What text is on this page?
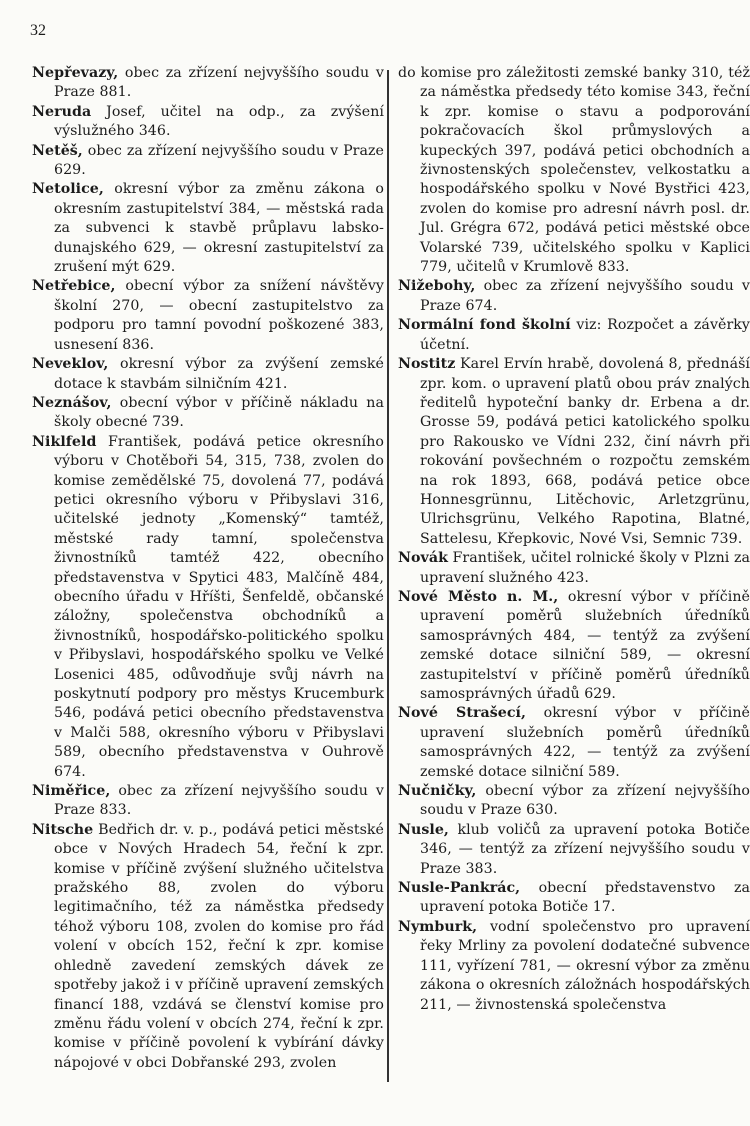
32

Nepřevazy, obec za zřízení nejvyššího soudu v Praze 881.

Neruda Josef, učitel na odp., za zvýšení výslužného 346.

Netěš, obec za zřízení nejvyššího soudu v Praze 629.

Netolice, okresní výbor za změnu zákona o okresním zastupitelství 384, — městská rada za subvenci k stavbě průplavu labsko-dunajského 629, — okresní zastupitelství za zrušení mýt 629.

Netřebice, obecní výbor za snížení návštěvy školní 270, — obecní zastupitelstvo za podporu pro tamní povodní poškozené 383, usnesení 836.

Neveklov, okresní výbor za zvýšení zemské dotace k stavbám silničním 421.

Neznášov, obecní výbor v příčině nákladu na školy obecné 739.

Niklfeld František, podává petice okresního výboru v Chotěboři 54, 315, 738, zvolen do komise zemědělské 75, dovolená 77, podává petici okresního výboru v Přibyslavi 316, učitelské jednoty „Komenský“ tamtéž, městské rady tamní, společenstva živnostníků tamtéž 422, obecního představenstva v Spytici 483, Malčíně 484, obecního úřadu v Hříšti, Šenfeldě, občanské záložny, společenstva obchodníků a živnostníků, hospodářsko-politického spolku v Přibyslavi, hospodářského spolku ve Velké Losenici 485, odůvodňuje svůj návrh na poskytnutí podpory pro městys Krucemburk 546, podává petici obecního představenstva v Malči 588, okresního výboru v Přibyslavi 589, obecního představenstva v Ouhrově 674.

Niměřice, obec za zřízení nejvyššího soudu v Praze 833.

Nitsche Bedřich dr. v. p., podává petici městské obce v Nových Hradech 54, řeční k zpr. komise v příčině zvýšení služného učitelstva pražského 88, zvolen do výboru legitimačního, též za náměstka předsedy téhož výboru 108, zvolen do komise pro řád volení v obcích 152, řeční k zpr. komise ohledně zavedení zemských dávek ze spotřeby jakož i v příčině upravení zemských financí 188, vzdává se členství komise pro změnu řádu volení v obcích 274, řeční k zpr. komise v příčině povolení k vybírání dávky nápojové v obci Dobřanské 293, zvolen

do komise pro záležitosti zemské banky 310, též za náměstka předsedy této komise 343, řeční k zpr. komise o stavu a podporování pokračovacích škol průmyslových a kupeckých 397, podává petici obchodních a živnostenských společenstev, velkostatku a hospodářského spolku v Nové Bystřici 423, zvolen do komise pro adresní návrh posl. dr. Jul. Grégra 672, podává petici městské obce Volarské 739, učitelského spolku v Kaplici 779, učitelů v Krumlově 833.

Nižebohy, obec za zřízení nejvyššího soudu v Praze 674.

Normální fond školní viz: Rozpočet a závěrky účetní.

Nostitz Karel Ervín hrabě, dovolená 8, přednáší zpr. kom. o upravení platů obou práv znalých ředitelů hypoteční banky dr. Erbena a dr. Grosse 59, podává petici katolického spolku pro Rakousko ve Vídni 232, činí návrh při rokování povšechném o rozpočtu zemském na rok 1893, 668, podává petice obce Honnesgrünnu, Litěchovic, Arletzgrünu, Ulrichsgrünu, Velkého Rapotina, Blatné, Sattelesu, Křepkovic, Nové Vsi, Semnic 739.

Novák František, učitel rolnické školy v Plzni za upravení služného 423.

Nové Město n. M., okresní výbor v příčině upravení poměrů služebních úředníků samosprávných 484, — tentýž za zvýšení zemské dotace silniční 589, — okresní zastupitelství v příčině poměrů úředníků samosprávných úřadů 629.

Nové Strašecí, okresní výbor v příčině upravení služebních poměrů úředníků samosprávných 422, — tentýž za zvýšení zemské dotace silniční 589.

Nučničky, obecní výbor za zřízení nejvyššího soudu v Praze 630.

Nusle, klub voličů za upravení potoka Botiče 346, — tentýž za zřízení nejvyššího soudu v Praze 383.

Nusle-Pankrác, obecní představenstvo za upravení potoka Botiče 17.

Nymburk, vodní společenstvo pro upravení řeky Mrliny za povolení dodatečné subvence 111, vyřízení 781, — okresní výbor za změnu zákona o okresních záložnách hospodářských 211, — živnostenská společenstva
